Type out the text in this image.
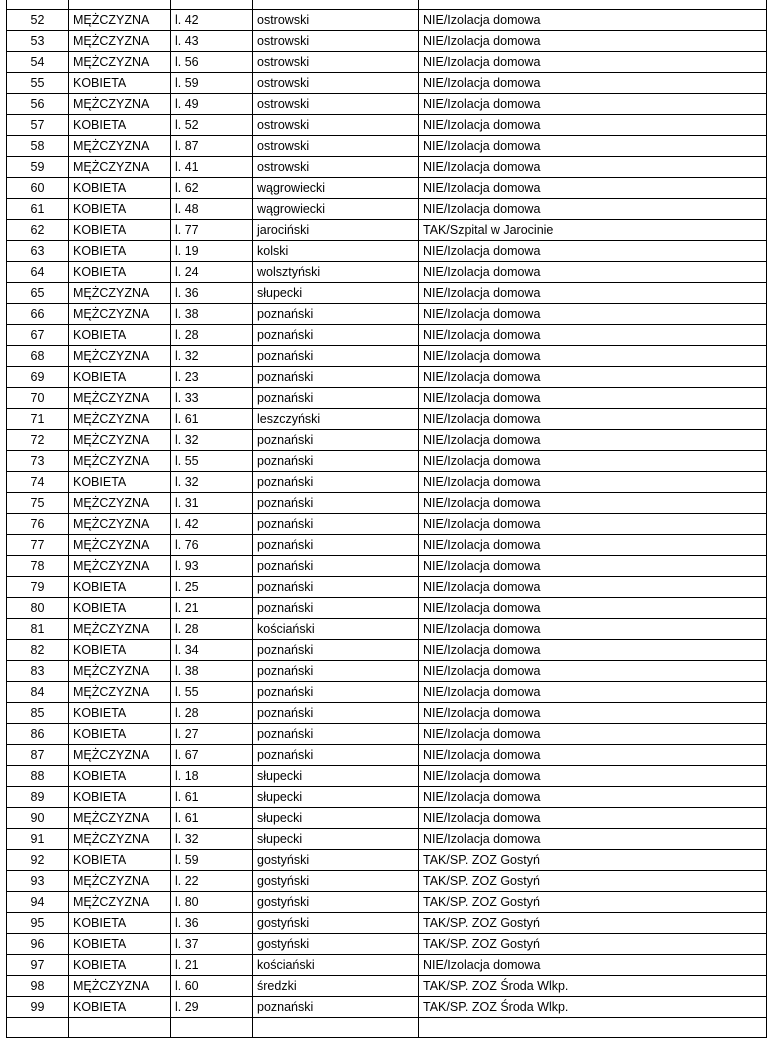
52	MĘŻCZYZNA	l. 42	ostrowski	NIE/Izolacja domowa
53	MĘŻCZYZNA	l. 43	ostrowski	NIE/Izolacja domowa
54	MĘŻCZYZNA	l. 56	ostrowski	NIE/Izolacja domowa
55	KOBIETA	l. 59	ostrowski	NIE/Izolacja domowa
56	MĘŻCZYZNA	l. 49	ostrowski	NIE/Izolacja domowa
57	KOBIETA	l. 52	ostrowski	NIE/Izolacja domowa
58	MĘŻCZYZNA	l. 87	ostrowski	NIE/Izolacja domowa
59	MĘŻCZYZNA	l. 41	ostrowski	NIE/Izolacja domowa
60	KOBIETA	l. 62	wągrowiecki	NIE/Izolacja domowa
61	KOBIETA	l. 48	wągrowiecki	NIE/Izolacja domowa
62	KOBIETA	l. 77	jarociński	TAK/Szpital w Jarocinie
63	KOBIETA	l. 19	kolski	NIE/Izolacja domowa
64	KOBIETA	l. 24	wolsztyński	NIE/Izolacja domowa
65	MĘŻCZYZNA	l. 36	słupecki	NIE/Izolacja domowa
66	MĘŻCZYZNA	l. 38	poznański	NIE/Izolacja domowa
67	KOBIETA	l. 28	poznański	NIE/Izolacja domowa
68	MĘŻCZYZNA	l. 32	poznański	NIE/Izolacja domowa
69	KOBIETA	l. 23	poznański	NIE/Izolacja domowa
70	MĘŻCZYZNA	l. 33	poznański	NIE/Izolacja domowa
71	MĘŻCZYZNA	l. 61	leszczyński	NIE/Izolacja domowa
72	MĘŻCZYZNA	l. 32	poznański	NIE/Izolacja domowa
73	MĘŻCZYZNA	l. 55	poznański	NIE/Izolacja domowa
74	KOBIETA	l. 32	poznański	NIE/Izolacja domowa
75	MĘŻCZYZNA	l. 31	poznański	NIE/Izolacja domowa
76	MĘŻCZYZNA	l. 42	poznański	NIE/Izolacja domowa
77	MĘŻCZYZNA	l. 76	poznański	NIE/Izolacja domowa
78	MĘŻCZYZNA	l. 93	poznański	NIE/Izolacja domowa
79	KOBIETA	l. 25	poznański	NIE/Izolacja domowa
80	KOBIETA	l. 21	poznański	NIE/Izolacja domowa
81	MĘŻCZYZNA	l. 28	kościański	NIE/Izolacja domowa
82	KOBIETA	l. 34	poznański	NIE/Izolacja domowa
83	MĘŻCZYZNA	l. 38	poznański	NIE/Izolacja domowa
84	MĘŻCZYZNA	l. 55	poznański	NIE/Izolacja domowa
85	KOBIETA	l. 28	poznański	NIE/Izolacja domowa
86	KOBIETA	l. 27	poznański	NIE/Izolacja domowa
87	MĘŻCZYZNA	l. 67	poznański	NIE/Izolacja domowa
88	KOBIETA	l. 18	słupecki	NIE/Izolacja domowa
89	KOBIETA	l. 61	słupecki	NIE/Izolacja domowa
90	MĘŻCZYZNA	l. 61	słupecki	NIE/Izolacja domowa
91	MĘŻCZYZNA	l. 32	słupecki	NIE/Izolacja domowa
92	KOBIETA	l. 59	gostyński	TAK/SP. ZOZ Gostyń
93	MĘŻCZYZNA	l. 22	gostyński	TAK/SP. ZOZ Gostyń
94	MĘŻCZYZNA	l. 80	gostyński	TAK/SP. ZOZ Gostyń
95	KOBIETA	l. 36	gostyński	TAK/SP. ZOZ Gostyń
96	KOBIETA	l. 37	gostyński	TAK/SP. ZOZ Gostyń
97	KOBIETA	l. 21	kościański	NIE/Izolacja domowa
98	MĘŻCZYZNA	l. 60	średzki	TAK/SP. ZOZ Środa Wlkp.
99	KOBIETA	l. 29	poznański	TAK/SP. ZOZ Środa Wlkp.
